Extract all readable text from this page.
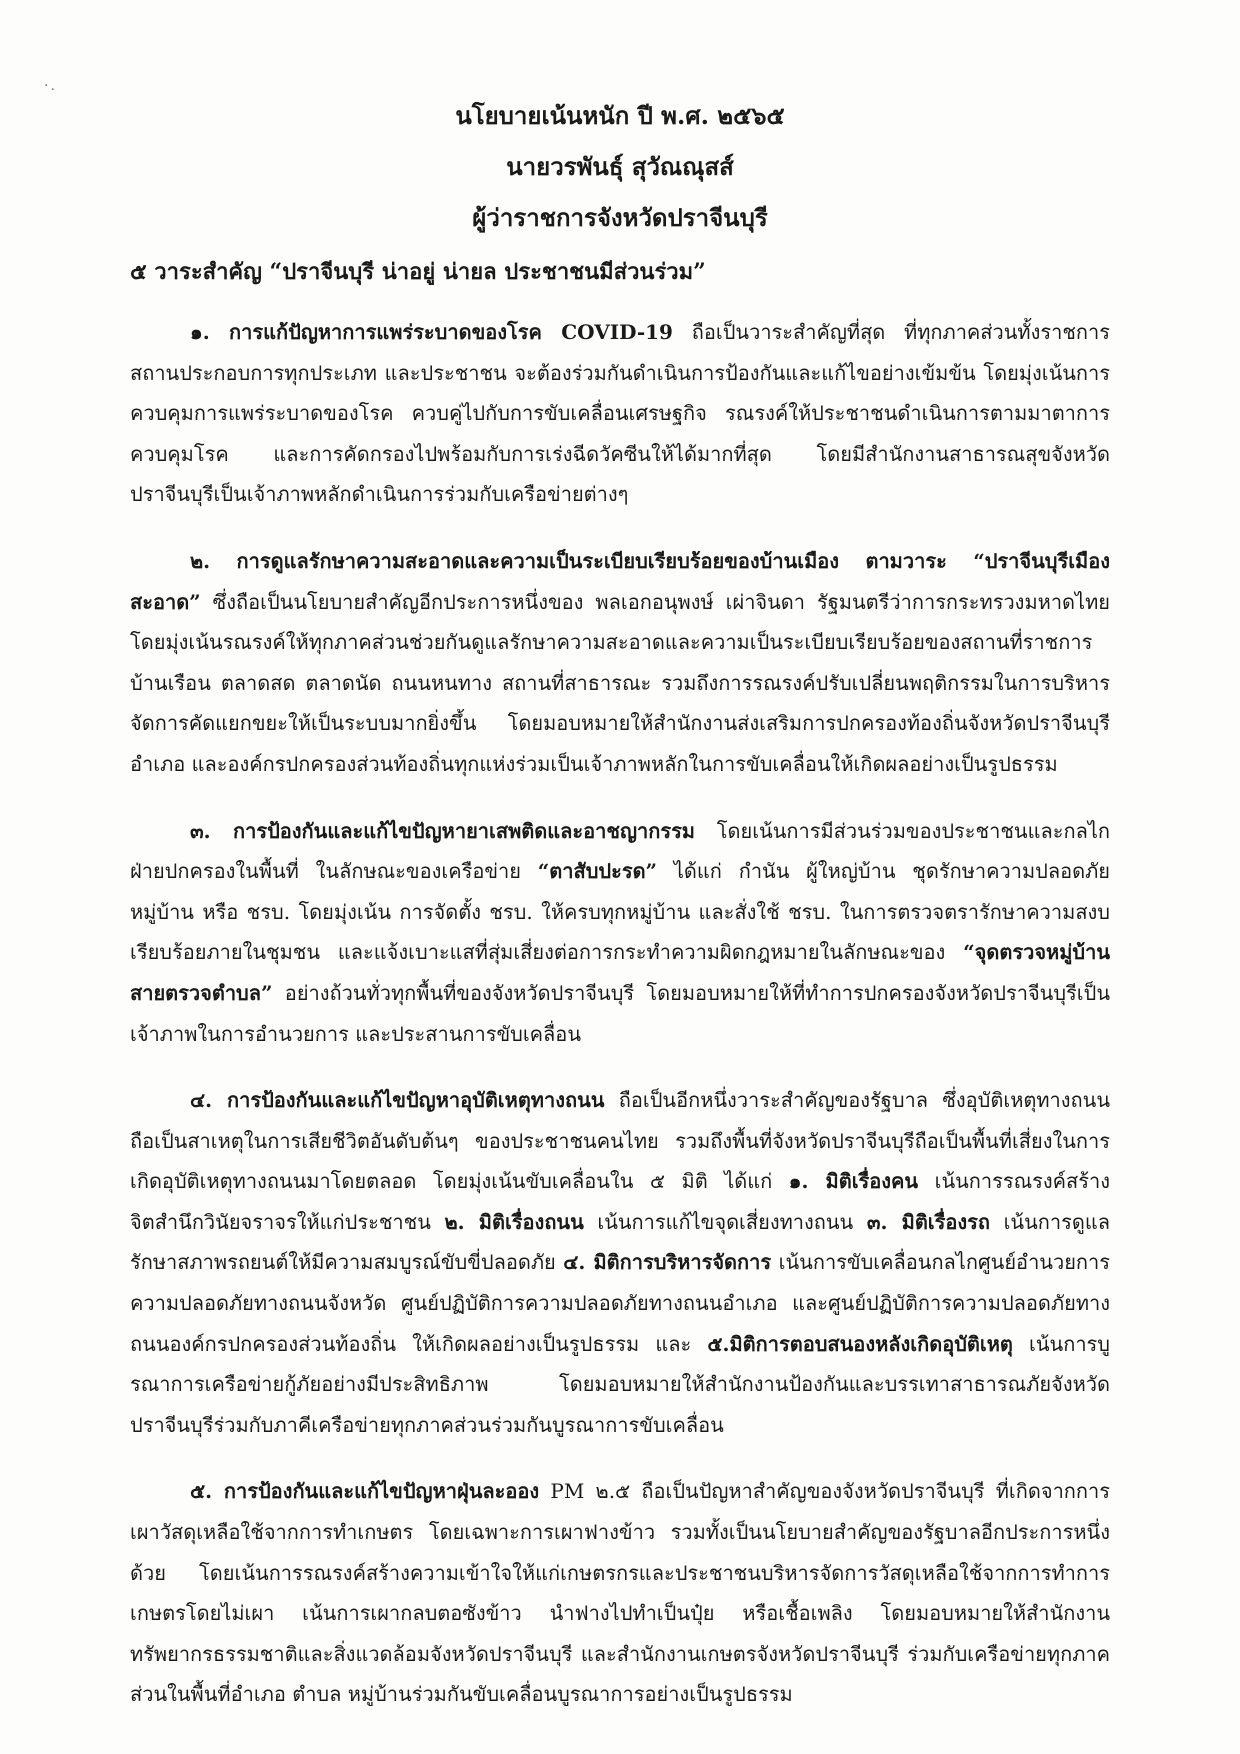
·.

นโยบายเน้นหนัก ปี พ.ศ. ๒๕๖๕

นายวรพันธุ์ สุวัณณุสส์

ผู้ว่าราชการจังหวัดปราจีนบุรี

๕ วาระสำคัญ “ปราจีนบุรี น่าอยู่ น่ายล ประชาชนมีส่วนร่วม”

๑. การแก้ปัญหาการแพร่ระบาดของโรค COVID-19 ถือเป็นวาระสำคัญที่สุด ที่ทุกภาคส่วนทั้งราชการ สถานประกอบการทุกประเภท และประชาชน จะต้องร่วมกันดำเนินการป้องกันและแก้ไขอย่างเข้มข้น โดยมุ่งเน้นการควบคุมการแพร่ระบาดของโรค ควบคู่ไปกับการขับเคลื่อนเศรษฐกิจ รณรงค์ให้ประชาชนดำเนินการตามมาตาการควบคุมโรค และการคัดกรองไปพร้อมกับการเร่งฉีดวัคซีนให้ได้มากที่สุด โดยมีสำนักงานสาธารณสุขจังหวัดปราจีนบุรีเป็นเจ้าภาพหลักดำเนินการร่วมกับเครือข่ายต่างๆ

๒. การดูแลรักษาความสะอาดและความเป็นระเบียบเรียบร้อยของบ้านเมือง ตามวาระ “ปราจีนบุรีเมืองสะอาด” ซึ่งถือเป็นนโยบายสำคัญอีกประการหนึ่งของ พลเอกอนุพงษ์ เผ่าจินดา รัฐมนตรีว่าการกระทรวงมหาดไทย โดยมุ่งเน้นรณรงค์ให้ทุกภาคส่วนช่วยกันดูแลรักษาความสะอาดและความเป็นระเบียบเรียบร้อยของสถานที่ราชการ บ้านเรือน ตลาดสด ตลาดนัด ถนนหนทาง สถานที่สาธารณะ รวมถึงการรณรงค์ปรับเปลี่ยนพฤติกรรมในการบริหารจัดการคัดแยกขยะให้เป็นระบบมากยิ่งขึ้น โดยมอบหมายให้สำนักงานส่งเสริมการปกครองท้องถิ่นจังหวัดปราจีนบุรี อำเภอ และองค์กรปกครองส่วนท้องถิ่นทุกแห่งร่วมเป็นเจ้าภาพหลักในการขับเคลื่อนให้เกิดผลอย่างเป็นรูปธรรม

๓. การป้องกันและแก้ไขปัญหายาเสพติดและอาชญากรรม โดยเน้นการมีส่วนร่วมของประชาชนและกลไกฝ่ายปกครองในพื้นที่ ในลักษณะของเครือข่าย “ตาสับปะรด” ได้แก่ กำนัน ผู้ใหญ่บ้าน ชุดรักษาความปลอดภัยหมู่บ้าน หรือ ชรบ. โดยมุ่งเน้น การจัดตั้ง ชรบ. ให้ครบทุกหมู่บ้าน และสั่งใช้ ชรบ. ในการตรวจตรารักษาความสงบเรียบร้อยภายในชุมชน และแจ้งเบาะแสที่สุ่มเสี่ยงต่อการกระทำความผิดกฎหมายในลักษณะของ “จุดตรวจหมู่บ้าน สายตรวจตำบล” อย่างถ้วนทั่วทุกพื้นที่ของจังหวัดปราจีนบุรี โดยมอบหมายให้ที่ทำการปกครองจังหวัดปราจีนบุรีเป็นเจ้าภาพในการอำนวยการ และประสานการขับเคลื่อน

๔. การป้องกันและแก้ไขปัญหาอุบัติเหตุทางถนน ถือเป็นอีกหนึ่งวาระสำคัญของรัฐบาล ซึ่งอุบัติเหตุทางถนนถือเป็นสาเหตุในการเสียชีวิตอันดับต้นๆ ของประชาชนคนไทย รวมถึงพื้นที่จังหวัดปราจีนบุรีถือเป็นพื้นที่เสี่ยงในการเกิดอุบัติเหตุทางถนนมาโดยตลอด โดยมุ่งเน้นขับเคลื่อนใน ๕ มิติ ได้แก่ ๑. มิติเรื่องคน เน้นการรณรงค์สร้างจิตสำนึกวินัยจราจรให้แก่ประชาชน ๒. มิติเรื่องถนน เน้นการแก้ไขจุดเสี่ยงทางถนน ๓. มิติเรื่องรถ เน้นการดูแลรักษาสภาพรถยนต์ให้มีความสมบูรณ์ขับขี่ปลอดภัย ๔. มิติการบริหารจัดการ เน้นการขับเคลื่อนกลไกศูนย์อำนวยการความปลอดภัยทางถนนจังหวัด ศูนย์ปฏิบัติการความปลอดภัยทางถนนอำเภอ และศูนย์ปฏิบัติการความปลอดภัยทางถนนองค์กรปกครองส่วนท้องถิ่น ให้เกิดผลอย่างเป็นรูปธรรม และ ๕.มิติการตอบสนองหลังเกิดอุบัติเหตุ เน้นการบูรณาการเครือข่ายกู้ภัยอย่างมีประสิทธิภาพ โดยมอบหมายให้สำนักงานป้องกันและบรรเทาสาธารณภัยจังหวัดปราจีนบุรีร่วมกับภาคีเครือข่ายทุกภาคส่วนร่วมกันบูรณาการขับเคลื่อน

๕. การป้องกันและแก้ไขปัญหาฝุ่นละออง PM ๒.๕ ถือเป็นปัญหาสำคัญของจังหวัดปราจีนบุรี ที่เกิดจากการเผาวัสดุเหลือใช้จากการทำเกษตร โดยเฉพาะการเผาฟางข้าว รวมทั้งเป็นนโยบายสำคัญของรัฐบาลอีกประการหนึ่งด้วย โดยเน้นการรณรงค์สร้างความเข้าใจให้แก่เกษตรกรและประชาชนบริหารจัดการวัสดุเหลือใช้จากการทำการเกษตรโดยไม่เผา เน้นการเผากลบตอซังข้าว นำฟางไปทำเป็นปุ๋ย หรือเชื้อเพลิง โดยมอบหมายให้สำนักงานทรัพยากรธรรมชาติและสิ่งแวดล้อมจังหวัดปราจีนบุรี และสำนักงานเกษตรจังหวัดปราจีนบุรี ร่วมกับเครือข่ายทุกภาคส่วนในพื้นที่อำเภอ ตำบล หมู่บ้านร่วมกันขับเคลื่อนบูรณาการอย่างเป็นรูปธรรม
